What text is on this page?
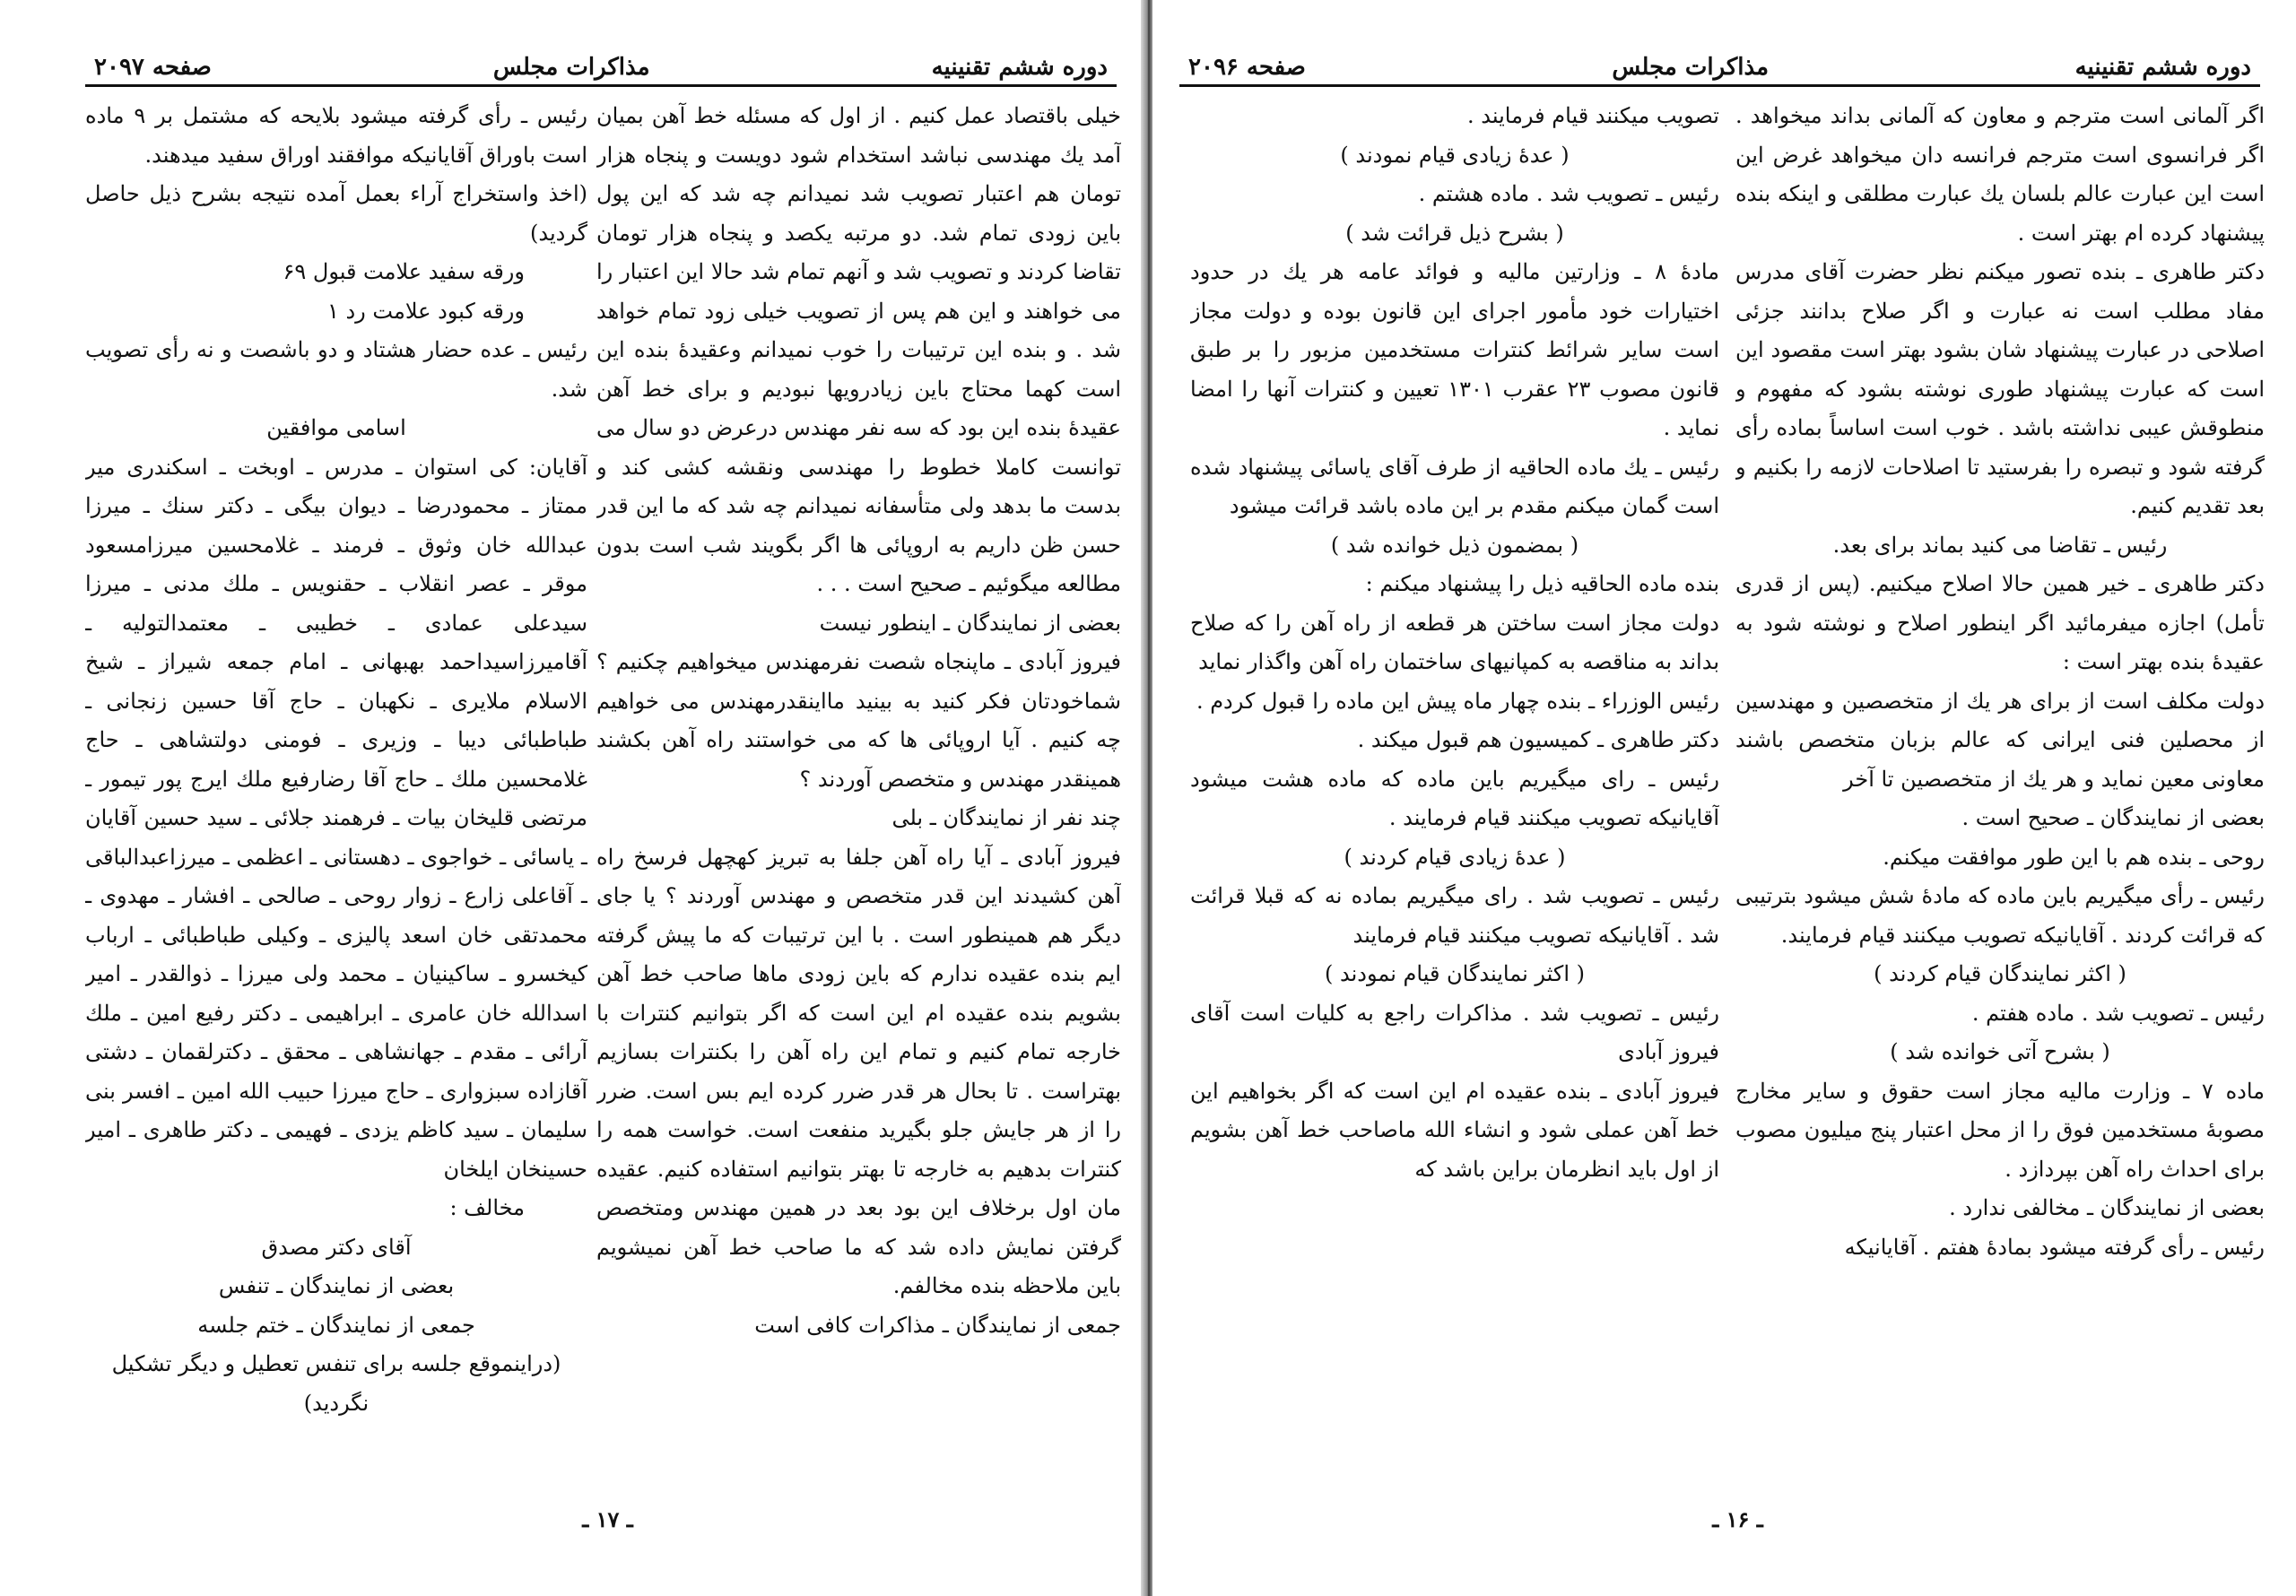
دوره ششم تقنینیه
مذاکرات مجلس
صفحه ۲۰۹۷

خیلی باقتصاد عمل کنیم . از اول که مسئله خط آهن بمیان آمد یك مهندسی نباشد استخدام شود دویست و پنجاه هزار تومان هم اعتبار تصویب شد نمیدانم چه شد که این پول باین زودی تمام شد. دو مرتبه یکصد و پنجاه هزار تومان تقاضا کردند و تصویب شد و آنهم تمام شد حالا این اعتبار را می خواهند و این هم پس از تصویب خیلی زود تمام خواهد شد . و بنده این ترتیبات را خوب نمیدانم وعقیدهٔ بنده این است کهما محتاج باین زیادرویها نبودیم و برای خط آهن عقیدهٔ بنده این بود که سه نفر مهندس درعرض دو سال می توانست کاملا خطوط را مهندسی ونقشه کشی کند و بدست ما بدهد ولی متأسفانه نمیدانم چه شد که ما این قدر حسن ظن داریم به اروپائی ها اگر بگویند شب است بدون مطالعه میگوئیم ـ صحیح است . . .

بعضی از نمایندگان ـ اینطور نیست

فیروز آبادی ـ ماپنجاه شصت نفرمهندس میخواهیم چکنیم ؟ شماخودتان فکر کنید به بینید مااینقدرمهندس می خواهیم چه کنیم . آیا اروپائی ها که می خواستند راه آهن بکشند همینقدر مهندس و متخصص آوردند ؟

چند نفر از نمایندگان ـ بلی

فیروز آبادی ـ آیا راه آهن جلفا به تبریز کهچهل فرسخ راه آهن کشیدند این قدر متخصص و مهندس آوردند ؟ یا جای دیگر هم همینطور است . با این ترتیبات که ما پیش گرفته ایم بنده عقیده ندارم که باین زودی ماها صاحب خط آهن بشویم بنده عقیده ام این است که اگر بتوانیم کنترات با خارجه تمام کنیم و تمام این راه آهن را بکنترات بسازیم بهتراست . تا بحال هر قدر ضرر کرده ایم بس است. ضرر را از هر جایش جلو بگیرید منفعت است. خواست همه را کنترات بدهیم به خارجه تا بهتر بتوانیم استفاده کنیم. عقیده مان اول برخلاف این بود بعد در همین مهندس ومتخصص گرفتن نمایش داده شد که ما صاحب خط آهن نمیشویم باین ملاحظه بنده مخالفم.

جمعی از نمایندگان ـ مذاکرات کافی است

رئیس ـ رأی گرفته میشود بلایحه که مشتمل بر ۹ ماده است باوراق آقایانیکه موافقند اوراق سفید میدهند.

(اخذ واستخراج آراء بعمل آمده نتیجه بشرح ذیل حاصل گردید)

ورقه سفید علامت قبول ۶۹

ورقه کبود علامت رد ۱

رئیس ـ عده حضار هشتاد و دو باشصت و نه رأی تصویب شد.

اسامی موافقین

آقایان: کی استوان ـ مدرس ـ اوبخت ـ اسکندری میر ممتاز ـ محمودرضا ـ دیوان بیگی ـ دکتر سنك ـ میرزا عبدالله خان وثوق ـ فرمند ـ غلامحسین میرزامسعود موقر ـ عصر انقلاب ـ حقنویس ـ ملك مدنی ـ میرزا سیدعلی عمادی ـ خطیبی ـ معتمدالتولیه ـ آقامیرزاسیداحمد بهبهانی ـ امام جمعه شیراز ـ شیخ الاسلام ملایری ـ نکهبان ـ حاج آقا حسین زنجانی ـ طباطبائی دیبا ـ وزیری ـ فومنی دولتشاهی ـ حاج غلامحسین ملك ـ حاج آقا رضارفیع ملك ایرج پور تیمور ـ مرتضی قلیخان بیات ـ فرهمند جلائی ـ سید حسین آقایان ـ یاسائی ـ خواجوی ـ دهستانی ـ اعظمی ـ میرزاعبدالباقی ـ آقاعلی زارع ـ زوار روحی ـ صالحی ـ افشار ـ مهدوی ـ محمدتقی خان اسعد پالیزی ـ وکیلی طباطبائی ـ ارباب کیخسرو ـ ساکینیان ـ محمد ولی میرزا ـ ذوالقدر ـ امیر اسدالله خان عامری ـ ابراهیمی ـ دکتر رفیع امین ـ ملك آرائی ـ مقدم ـ جهانشاهی ـ محقق ـ دکترلقمان ـ دشتی آقازاده سبزواری ـ حاج میرزا حبیب الله امین ـ افسر بنی سلیمان ـ سید کاظم یزدی ـ فهیمی ـ دکتر طاهری ـ امیر حسینخان ایلخان

مخالف :

آقای دکتر مصدق

بعضی از نمایندگان ـ تنفس

جمعی از نمایندگان ـ ختم جلسه

(دراینموقع جلسه برای تنفس تعطیل و دیگر تشکیل نگردید)

ـ ۱۷ ـ
دوره ششم تقنینیه
مذاکرات مجلس
صفحه ۲۰۹۶

اگر آلمانی است مترجم و معاون که آلمانی بداند میخواهد . اگر فرانسوی است مترجم فرانسه دان میخواهد غرض این است این عبارت عالم بلسان یك عبارت مطلقی و اینکه بنده پیشنهاد کرده ام بهتر است .

دکتر طاهری ـ بنده تصور میکنم نظر حضرت آقای مدرس مفاد مطلب است نه عبارت و اگر صلاح بدانند جزئی اصلاحی در عبارت پیشنهاد شان بشود بهتر است مقصود این است که عبارت پیشنهاد طوری نوشته بشود که مفهوم و منطوقش عیبی نداشته باشد . خوب است اساساً بماده رأی گرفته شود و تبصره را بفرستید تا اصلاحات لازمه را بکنیم و بعد تقدیم کنیم.

رئیس ـ تقاضا می کنید بماند برای بعد.

دکتر طاهری ـ خیر همین حالا اصلاح میکنیم. (پس از قدری تأمل) اجازه میفرمائید اگر اینطور اصلاح و نوشته شود به عقیدهٔ بنده بهتر است :

دولت مکلف است از برای هر یك از متخصصین و مهندسین از محصلین فنی ایرانی که عالم بزبان متخصص باشند معاونی معین نماید و هر یك از متخصصین تا آخر

بعضی از نمایندگان ـ صحیح است .

روحی ـ بنده هم با این طور موافقت میکنم.

رئیس ـ رأی میگیریم باین ماده که مادهٔ شش میشود بترتیبی که قرائت کردند . آقایانیکه تصویب میکنند قیام فرمایند.

( اکثر نمایندگان قیام کردند )

رئیس ـ تصویب شد . ماده هفتم .

( بشرح آتی خوانده شد )

ماده ۷ ـ وزارت مالیه مجاز است حقوق و سایر مخارج مصوبهٔ مستخدمین فوق را از محل اعتبار پنج میلیون مصوب برای احداث راه آهن بپردازد .

بعضی از نمایندگان ـ مخالفی ندارد .

رئیس ـ رأی گرفته میشود بمادهٔ هفتم . آقایانیکه

تصویب میکنند قیام فرمایند .

( عدهٔ زیادی قیام نمودند )

رئیس ـ تصویب شد . ماده هشتم .

( بشرح ذیل قرائت شد )

مادهٔ ۸ ـ وزارتین مالیه و فوائد عامه هر یك در حدود اختیارات خود مأمور اجرای این قانون بوده و دولت مجاز است سایر شرائط کنترات مستخدمین مزبور را بر طبق قانون مصوب ۲۳ عقرب ۱۳۰۱ تعیین و کنترات آنها را امضا نماید .

رئیس ـ یك ماده الحاقیه از طرف آقای یاسائی پیشنهاد شده است گمان میکنم مقدم بر این ماده باشد قرائت میشود

( بمضمون ذیل خوانده شد )

بنده ماده الحاقیه ذیل را پیشنهاد میکنم :

دولت مجاز است ساختن هر قطعه از راه آهن را که صلاح بداند به مناقصه به کمپانیهای ساختمان راه آهن واگذار نماید

رئیس الوزراء ـ بنده چهار ماه پیش این ماده را قبول کردم .

دکتر طاهری ـ کمیسیون هم قبول میکند .

رئیس ـ رای میگیریم باین ماده که ماده هشت میشود آقایانیکه تصویب میکنند قیام فرمایند .

( عدهٔ زیادی قیام کردند )

رئیس ـ تصویب شد . رای میگیریم بماده نه که قبلا قرائت شد . آقایانیکه تصویب میکنند قیام فرمایند

( اکثر نمایندگان قیام نمودند )

رئیس ـ تصویب شد . مذاکرات راجع به کلیات است آقای فیروز آبادی

فیروز آبادی ـ بنده عقیده ام این است که اگر بخواهیم این خط آهن عملی شود و انشاء الله ماصاحب خط آهن بشویم از اول باید انظرمان براین باشد که

ـ ۱۶ ـ
